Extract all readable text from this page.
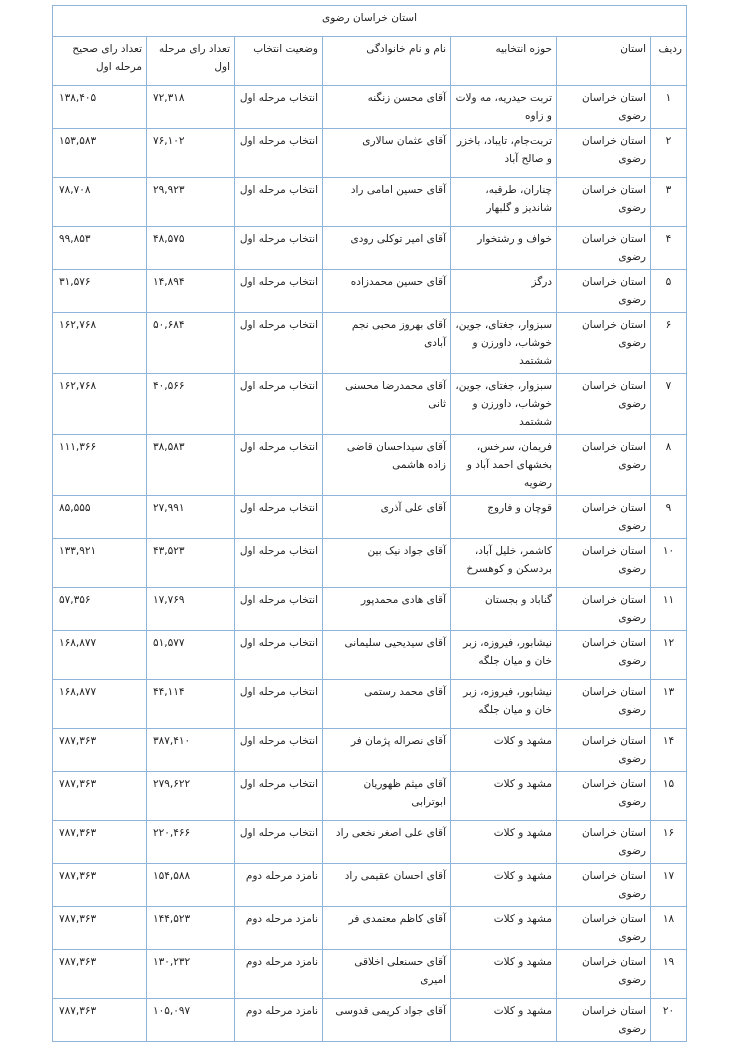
استان خراسان رضوی						
ردیف	استان	حوزه انتخابیه	نام و نام خانوادگی	وضعیت انتخاب	تعداد رای مرحله اول	تعداد رای صحیح مرحله اول
۱	استان خراسان رضوی	تربت حیدریه، مه ولات و زاوه	آقای محسن زنگنه	انتخاب مرحله اول	۷۲,۳۱۸	۱۳۸,۴۰۵
۲	استان خراسان رضوی	تربت‌جام، تایباد، باخزر و صالح آباد	آقای عثمان سالاری	انتخاب مرحله اول	۷۶,۱۰۲	۱۵۳,۵۸۳
۳	استان خراسان رضوی	چناران، طرقبه، شاندیز و گلبهار	آقای حسین امامی راد	انتخاب مرحله اول	۲۹,۹۲۳	۷۸,۷۰۸
۴	استان خراسان رضوی	خواف و رشتخوار	آقای امیر توکلی رودی	انتخاب مرحله اول	۴۸,۵۷۵	۹۹,۸۵۳
۵	استان خراسان رضوی	درگز	آقای حسین محمدزاده	انتخاب مرحله اول	۱۴,۸۹۴	۳۱,۵۷۶
۶	استان خراسان رضوی	سبزوار، جغتای، جوین، خوشاب، داورزن و ششتمد	آقای بهروز محبی نجم آبادی	انتخاب مرحله اول	۵۰,۶۸۴	۱۶۲,۷۶۸
۷	استان خراسان رضوی	سبزوار، جغتای، جوین، خوشاب، داورزن و ششتمد	آقای محمدرضا محسنی ثانی	انتخاب مرحله اول	۴۰,۵۶۶	۱۶۲,۷۶۸
۸	استان خراسان رضوی	فریمان، سرخس، بخشهای احمد آباد و رضویه	آقای سیداحسان قاضی زاده هاشمی	انتخاب مرحله اول	۳۸,۵۸۳	۱۱۱,۳۶۶
۹	استان خراسان رضوی	قوچان و فاروج	آقای علی آذری	انتخاب مرحله اول	۲۷,۹۹۱	۸۵,۵۵۵
۱۰	استان خراسان رضوی	کاشمر، خلیل آباد، بردسکن و کوهسرخ	آقای جواد نیک بین	انتخاب مرحله اول	۴۳,۵۲۳	۱۳۳,۹۲۱
۱۱	استان خراسان رضوی	گناباد و بجستان	آقای هادی محمدپور	انتخاب مرحله اول	۱۷,۷۶۹	۵۷,۳۵۶
۱۲	استان خراسان رضوی	نیشابور، فیروزه، زبر خان و میان جلگه	آقای سیدیحیی سلیمانی	انتخاب مرحله اول	۵۱,۵۷۷	۱۶۸,۸۷۷
۱۳	استان خراسان رضوی	نیشابور، فیروزه، زبر خان و میان جلگه	آقای محمد رستمی	انتخاب مرحله اول	۴۴,۱۱۴	۱۶۸,۸۷۷
۱۴	استان خراسان رضوی	مشهد و کلات	آقای نصراله پژمان فر	انتخاب مرحله اول	۳۸۷,۴۱۰	۷۸۷,۳۶۳
۱۵	استان خراسان رضوی	مشهد و کلات	آقای میثم ظهوریان ابوترابی	انتخاب مرحله اول	۲۷۹,۶۲۲	۷۸۷,۳۶۳
۱۶	استان خراسان رضوی	مشهد و کلات	آقای علی اصغر نخعی راد	انتخاب مرحله اول	۲۲۰,۴۶۶	۷۸۷,۳۶۳
۱۷	استان خراسان رضوی	مشهد و کلات	آقای احسان عقیمی راد	نامزد مرحله دوم	۱۵۴,۵۸۸	۷۸۷,۳۶۳
۱۸	استان خراسان رضوی	مشهد و کلات	آقای کاظم معتمدی فر	نامزد مرحله دوم	۱۴۴,۵۲۳	۷۸۷,۳۶۳
۱۹	استان خراسان رضوی	مشهد و کلات	آقای حسنعلی اخلاقی امیری	نامزد مرحله دوم	۱۳۰,۲۳۲	۷۸۷,۳۶۳
۲۰	استان خراسان رضوی	مشهد و کلات	آقای جواد کریمی قدوسی	نامزد مرحله دوم	۱۰۵,۰۹۷	۷۸۷,۳۶۳
